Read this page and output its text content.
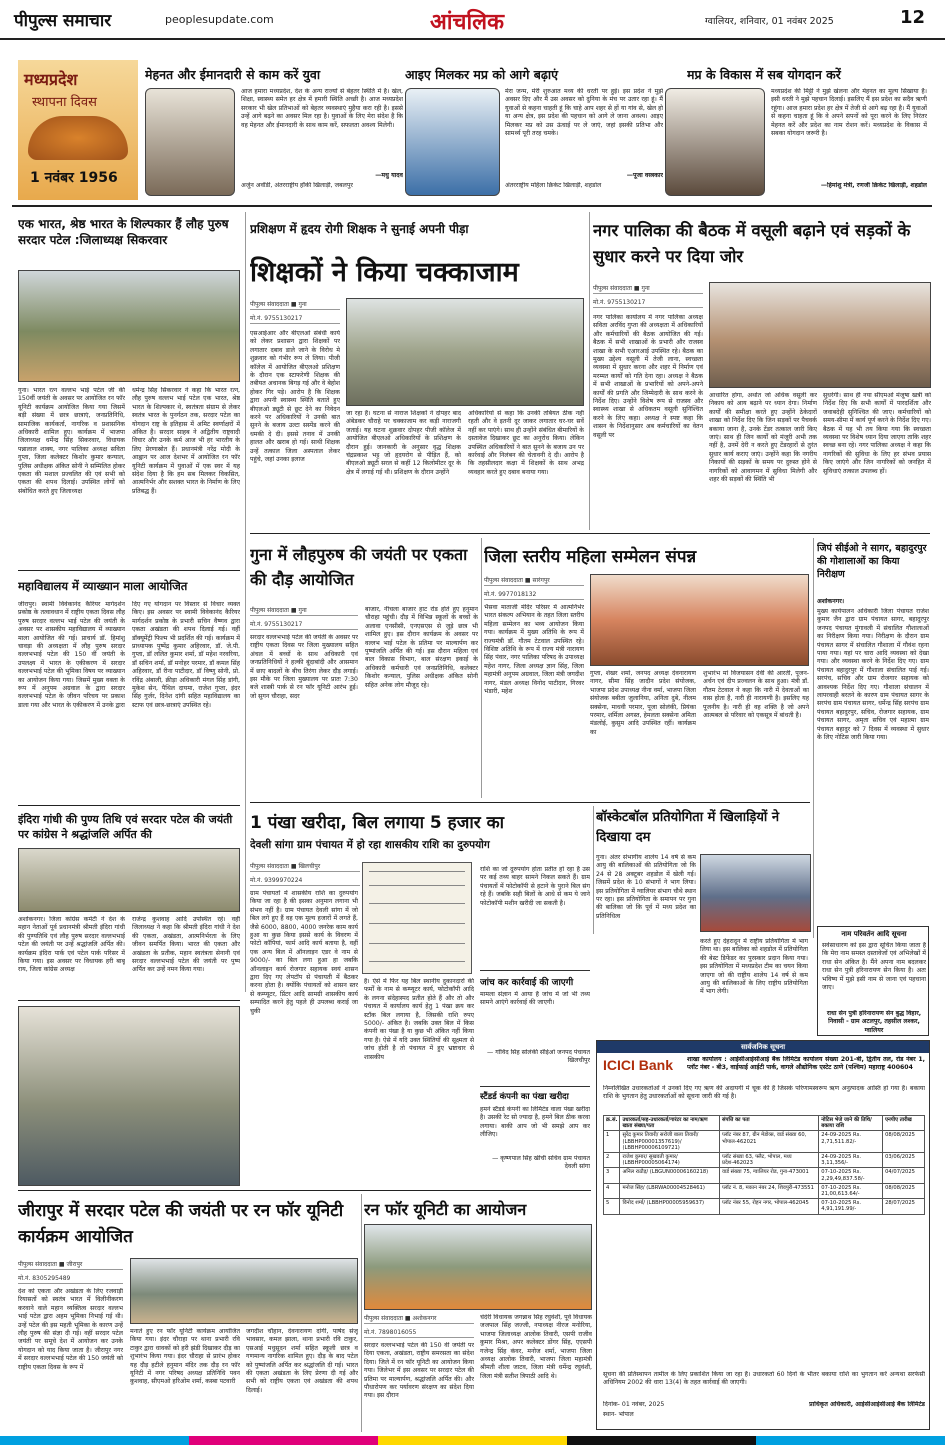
पीपुल्स समाचार	peoplesupdate.com	आंचलिक	ग्वालियर, शनिवार, 01 नवंबर 2025	12
मध्यप्रदेश
स्थापना दिवस
1 नवंबर 1956
मेहनत और ईमानदारी से काम करें युवा
आज हमारा मध्यप्रदेश, देश के अन्य राज्यों से बेहतर स्थिति में है। खेल, शिक्षा, स्वास्थ्य समेत हर क्षेत्र में हमारी स्थिति अच्छी है। आज मध्यप्रदेश सरकार भी खेल प्रतिभाओं को बेहतर व्यवस्थाएं मुहैया करा रही है। इससे उन्हें आगे बढ़ने का अवसर मिल रहा है। युवाओं के लिए मेरा संदेश है कि वह मेहनत और ईमानदारी के साथ काम करें, सफलता अवश्य मिलेगी।
—मधु यादव
अर्जुन अवॉर्डी, अंतरराष्ट्रीय हॉकी खिलाड़ी, जबलपुर
आइए मिलकर मप्र को आगे बढ़ाएं
मेरा जन्म, मेरी शुरुआत मध्य की धरती पर हुई। इस प्रदेश ने मुझे अवसर दिए और मैं उस अवसर को दुनिया के मंच पर उतार रहा हूं। मैं युवाओं से कहना चाहती हूं कि चाहे आप शहर से हों या गांव से, खेल हो या अन्य क्षेत्र, इस प्रदेश की पहचान को आगे ले जाना अवश्य। आइए मिलकर मप्र को उस ऊंचाई पर ले जाएं, जहां इसकी प्रतिभा और सामर्थ्य पूरी तरह चमके।
—पूजा वस्त्रकार
अंतरराष्ट्रीय महिला क्रिकेट खिलाड़ी, शहडोल
मप्र के विकास में सब योगदान करें
मध्यप्रदेश की मिट्टी ने मुझे खेलना और मेहनत का मूल्य सिखाया है। इसी धरती ने मुझे पहचान दिलाई। इसलिए मैं इस प्रदेश का सदैव ऋणी रहूंगा। आज हमारा प्रदेश हर क्षेत्र में तेजी से आगे बढ़ रहा है। मैं युवाओं से कहना चाहता हूं कि वे अपने सपनों को पूरा करने के लिए निरंतर मेहनत करें और प्रदेश का नाम रोशन करें। मध्यप्रदेश के विकास में सबका योगदान जरूरी है।
—हिमांशु मंत्री, रणजी क्रिकेट खिलाड़ी, शहडोल
एक भारत, श्रेष्ठ भारत के शिल्पकार हैं लौह पुरुष सरदार पटेल :जिलाध्यक्ष सिकरवार
गुना। भारत रत्न वल्लभ भाई पटेल जी की 150वीं जयंती के अवसर पर आयोजित रन फॉर यूनिटी कार्यक्रम आयोजित किया गया जिसमें बड़ी संख्या में छात्र छात्राएं, जनप्रतिनिधि, सामाजिक कार्यकर्ता, नागरिक व प्रशासनिक अधिकारी शामिल हुए। कार्यक्रम में भाजपा जिलाध्यक्ष धर्मेन्द्र सिंह सिकरवार, विधायक पन्नालाल शाक्य, नगर पालिका अध्यक्ष सविता गुप्ता, जिला कलेक्टर किशोर कुमार कन्याल, पुलिस अधीक्षक अंकित सोनी ने सम्मिलित होकर एकता की मशाल प्रज्वलित की एवं सभी को एकता की शपथ दिलाई। उपस्थित लोगों को संबोधित करते हुए जिलाध्यक्ष
धर्मेन्द्र सिंह सिकरवार ने कहा कि भारत रत्न, लौह पुरुष वल्लभ भाई पटेल एक भारत, श्रेष्ठ भारत के शिल्पकार थे, स्वतंत्रता संग्राम से लेकर स्वतंत्र भारत के पुनर्गठन तक, सरदार पटेल का योगदान राष्ट्र के इतिहास में अमिट स्वर्णाक्षरों में अंकित है। सरदार साहब ने अद्वितीय राष्ट्रवादी विचार और उनके कर्म आज भी हर भारतीय के लिए प्रेरणास्रोत हैं। प्रधानमंत्री नरेंद्र मोदी के आह्वान पर आज देशभर में आयोजित रन फॉर यूनिटी कार्यक्रम में युवाओं में एक स्वर में यह संदेश दिया है कि हम सब मिलकर विकसित, आत्मनिर्भर और सशक्त भारत के निर्माण के लिए प्रतिबद्ध हैं।
महाविद्यालय में व्याख्यान माला आयोजित
जीरापुर। स्वामी विवेकानंद कैरियर मार्गदर्शन प्रकोष्ठ के तत्वावधान में राष्ट्रीय एकता दिवस लौह पुरुष सरदार वल्लभ भाई पटेल की जयंती के अवसर पर शासकीय महाविद्यालय में व्याख्यान माला आयोजित की गई। प्राचार्य डॉ. हिमांशु चावड़ा की अध्यक्षता में लौह पुरुष सरदार वल्लभभाई पटेल की 150 वीं जयंती के उपलक्ष्य में भारत के एकीकरण में सरदार वल्लभभाई पटेल की भूमिका विषय पर व्याख्यान का आयोजन किया गया। जिसमें मुख्य वक्ता के रूप में अनुपम अग्रवाल के द्वारा सरदार वल्लभभाई पटेल के जीवन परिचय पर प्रकाश डाला गया और भारत के एकीकरण में उनके द्वारा
दिए गए योगदान पर विस्तार से विचार व्यक्त किए। इस अवसर पर स्वामी विवेकानंद कैरियर मार्गदर्शन प्रकोष्ठ के प्रभारी सचिन वैष्णव द्वारा एकता अखंडता की शपथ दिलाई गई। वहीं डॉक्यूमेंट्री फिल्म भी प्रदर्शित की गई। कार्यक्रम में प्राध्यापक पुष्पेंद्र कुमार अहिरवार, डॉ. जे.पी. गुप्ता, डॉ ललित कुमार शर्मा, डॉ महेश नरवरिया, डॉ सचिन शर्मा, डॉ मनोहर परमार, डॉ कमल सिंह अहिरवार, डॉ रीना पाटीदार, डॉ विष्णु सोनी, प्रो. रविंद्र अंबाली, क्रीड़ा अधिकारी मंगल सिंह डांगी, मुकेश सेन, पैथिल दायमा, राजेश गुप्ता, इंदर सिंह गुर्जर, दिनेश दांगी सहित महाविद्यालय का स्टाफ एवं छात्र-छात्राएं उपस्थित रहे।
इंदिरा गांधी की पुण्य तिथि एवं सरदार पटेल की जयंती पर कांग्रेस ने श्रद्धांजलि अर्पित की
अशोकनगर। जिला कांग्रेस कमेटी ने देश के महान नेताओं पूर्व प्रधानमंत्री श्रीमती इंदिरा गांधी की पुण्यतिथि एवं लौह पुरुष सरदार वल्लभभाई पटेल की जयंती पर उन्हें श्रद्धांजलि अर्पित की। कार्यक्रम इंदिरा पार्क एवं पटेल पार्क परिसर में किया गया। इस अवसर पर विधायक हरी बाबू राय, जिला कांग्रेस अध्यक्ष
राजेन्द्र कुशवाह आदि उपस्थित रहे। वहीं जिलाध्यक्ष ने कहा कि श्रीमती इंदिरा गांधी ने देश की एकता, अखंडता, आत्मनिर्भरता के लिए जीवन समर्पित किया। भारत की एकता और अखंडता के प्रतीक, महान स्वतंत्रता सेनानी एवं सरदार वल्लभभाई पटेल की जयंती पर पुष्प अर्पित कर उन्हें नमन किया गया।
प्रशिक्षण में हृदय रोगी शिक्षक ने सुनाई अपनी पीड़ा
शिक्षकों ने किया चक्काजाम
पीपुल्स संवाददाता ■ गुना
मो.नं. 9755130217
एसआईआर और बीएलओ संबंधी कार्य को लेकर प्रशासन द्वारा शिक्षकों पर लगातार दबाव डाले जाने के विरोध मे शुक्रवार को गंभीर रूप ले लिया। पीजी कॉलेज में आयोजित बीएलओ प्रशिक्षण के दौरान एक स्टाफरेणी शिक्षक की तबीयत अचानक बिगड़ गई और वे बेहोश होकर गिर पड़े। आरोप है कि शिक्षक द्वारा अपनी स्वास्थ्य स्थिति बताते हुए बीएलओ ड्यूटी से छूट देने का निवेदन करने पर अधिकारियों ने उनकी बात सुनने के बजाय उल्टा सस्पेंड करने की धमकी दे दी। इससे तनाव में उनकी हालत और खराब हो गई। साथी शिक्षक उन्हें तत्काल जिला अस्पताल लेकर पहुंचे, जहां उनका इलाज
जा रहा है। घटना से नाराज शिक्षकों ने दोपहर बाद अंबेडकर चौराहे पर चक्काजाम कर कड़ी नाराजगी जताई। यह घटना शुक्रवार दोपहर पीजी कॉलेज में आयोजित बीएलओ अधिकारियों के प्रशिक्षण के दौरान हुई। जानकारी के अनुसार वृद्ध शिक्षक चंद्रप्रकाश भट्ट जो हृदयरोग से पीड़ित हैं, को बीएलओ ड्यूटी सरल से कहीं 12 किलोमीटर दूर के क्षेत्र में लगाई गई थी। प्रशिक्षण के दौरान उन्होंने
अधिकारियों से कहा कि उनकी तबियत ठीक नहीं रहती और वे इतनी दूर जाकर लगातार घर-घर सर्वे नहीं कर पाएंगे। साथ ही उन्होंने संबंधित बीमारियों के दस्तावेज दिखाकर छूट का अनुरोध किया। लेकिन उपस्थित अधिकारियों ने बात सुनने के बजाय उन पर कार्रवाई और निलंबन की चेतावनी दे दी। आरोप है कि तहसीलदार कक्षा में शिक्षकों के साथ अभद्र व्यवहार करते हुए दबाव बनाया गया।
नगर पालिका की बैठक में वसूली बढ़ाने एवं सड़कों के सुधार करने पर दिया जोर
पीपुल्स संवाददाता ■ गुना
मो.नं. 9755130217
नगर पालिका कार्यालय में नगर पालिका अध्यक्ष सविता अरविंद गुप्ता की अध्यक्षता में अधिकारियों और कर्मचारियों की बैठक आयोजित की गई। बैठक में सभी शाखाओं के प्रभारी और राजस्व शाखा के सभी एआरआई उपस्थित रहे। बैठक का मुख्य उद्देश्य वसूली में तेजी लाना, स्वच्छता व्यवस्था में सुधार करना और शहर में निर्माण एवं मरम्मत कार्यों को गति देना रहा। अध्यक्ष ने बैठक में सभी शाखाओं के प्रभारियों को अपने-अपने कार्यों की प्रगति और जिम्मेदारी के साथ करने के निर्देश दिए। उन्होंने विशेष रूप से राजस्व और स्वास्थ्य शाखा से अधिकतम वसूली सुनिश्चित करने के लिए कहा। अध्यक्ष ने स्पष्ट कहा कि शासन के निर्देशानुसार अब कर्मचारियों का वेतन वसूली पर
आधारित होगा, अर्थात जो अधिक वसूली कर निकाय को आय बढ़ाने पर ध्यान देगा। निर्माण कार्यों की समीक्षा करते हुए उन्होंने ठेकेदारों शाखा को निर्देश दिए कि जिन सड़कों पर पैचवर्क बकाया जाना है, उनके टेंडर तत्काल जारी किए जाएं। साथ ही जिन कार्यों को मंजूरी अभी तक नहीं है, उनमें देरी न करते हुए टेंडरहारों से तुरंत सुधार कार्य कराए जाएं। उन्होंने कहा कि नगरीय निकायों की सड़कों के समय पर दुरुस्त होने से नागरिकों को आवागमन में सुविधा मिलेगी और शहर की सड़कों की स्थिति भी
सुधरेगी। साथ ही नया सीएमओ मंजूषा खत्री को निर्देश दिए कि सभी कार्यों में पारदर्शिता और जवाबदेही सुनिश्चित की जाए। कर्मचारियों को समय-सीमा में कार्य पूर्ण करने के निर्देश दिए गए। बैठक में यह भी तय किया गया कि स्वच्छता व्यवस्था पर विशेष ध्यान दिया जाएगा ताकि शहर स्वच्छ बना रहे। नगर पालिका अध्यक्ष ने कहा कि नागरिकों की सुविधा के लिए हर संभव प्रयास किए जाएंगे और जिन नागरिकों को जनहित में सुविधाएं तत्काल उपलब्ध हों।
गुना में लौहपुरुष की जयंती पर एकता की दौड़ आयोजित
पीपुल्स संवाददाता ■ गुना
मो.नं. 9755130217
सरदार वल्लभभाई पटेल की जयंती के अवसर पर राष्ट्रीय एकता दिवस पर जिला मुख्यालय सहित अंचल में बच्चों के साथ अधिकारी एवं जनप्रतिनिधियों ने हल्की बूंदाबांदी और आसमान में छाए बादलों के बीच तिरंगा लेकर दौड़ लगाई। इस मौके पर जिला मुख्यालय पर प्रातः 7:30 बजे शास्त्री पार्क से रन फॉर यूनिटी आरंभ हुई। जो सुगन चौराहा, सदर
बाजार, नीचला बाजार हाट रोड होते हुए हनुमान चौराहा पहुंची। दौड़ में विभिन्न स्कूलों के बच्चों के अलावा एनसीसी, एनएसएस से जुड़े छात्र भी शामिल हुए। इस दौरान कार्यक्रम के अवसर पर वल्लभ भाई पटेल के प्रतिमा पर माल्यार्पण कर पुष्पांजलि अर्पित की गई। इस दौरान महिला एवं बाल विकास विभाग, बाल संरक्षण इकाई के अधिकारी कर्मचारी एवं जनप्रतिनिधि, कलेक्टर किशोर कन्याल, पुलिस अधीक्षक अंकित सोनी सहित अनेक लोग मौजूद रहे।
जिला स्तरीय महिला सम्मेलन संपन्न
पीपुल्स संवाददाता ■ सारंगपुर
मो.नं. 9977018132
भैसवा माताजी मंदिर परिसर में आत्मनिर्भर भारत संकल्प अभियान के तहत जिला स्तरीय महिला सम्मेलन का भव्य आयोजन किया गया। कार्यक्रम में मुख्य अतिथि के रूप में राज्यमंत्री डॉ. गौतम टेटवाल उपस्थित रहे। विशिष्ट अतिथि के रूप में राज्य मंत्री नारायण सिंह पंवार, नगर पालिका परिषद के उपाध्यक्ष महेश नागर, जिला अध्यक्ष ज्ञान सिंह, जिला महामंत्री अनुपम अग्रवाल, जिला मंत्री जगदीश नागर, मंडल अध्यक्ष विनोद पाटीदार, गिरवर भंडारी, महेश
गुप्ता, शेखर शर्मा, जनपद अध्यक्ष देवनारायण नागर, सीमा सिंह जादौन प्रदेश संयोजक, भाजपा प्रदेश उपाध्यक्ष नीना वर्मा, भाजपा जिला संयोजक बबीता जुलानिया, अनिता दुबे, नीलम सक्सेना, माधवी परमार, पूजा सोलंकी, प्रियंका परमार, शर्मिला अगस्त, हेमलता सक्सेना अमिता मंडलोई, कुसुम आदि उपस्थित रहीं। कार्यक्रम का
शुभारंभ मां विजयासन देवी की आरती, पूजन-अर्चन एवं दीप प्रज्वलन के साथ हुआ। मंत्री डॉ. गौतम टेटवाल ने कहा कि नारी में देवताओं का वास होता है, नारी ही नारायणी है। इसलिए यह पूजनीय है। नारी ही वह शक्ति है जो अपने आत्मबल से परिवार को एकसूत्र में बांधती है।
जिपं सीईओ ने सागर, बहादुरपुर की गोशालाओं का किया निरीक्षण
अशोकनगर।
मुख्य कार्यपालन अधिकारी जिला पंचायत राजेश कुमार जैन द्वारा ग्राम पंचायत सागर, बहादुरपुर जनपद पंचायत मुंगावली में संचालित गौशालाओं का निरीक्षण किया गया। निरीक्षण के दौरान ग्राम पंचायत सागर में संचालित गौशाला में गौवंश रहना पाया गया। यहां पर चारा आदि व्यवस्था को देखा गया। और व्यवस्था करने के निर्देश दिए गए। ग्राम पंचायत बहादुरपुर में गौशाला संचालित पाई गई। सरपंच, सचिव और ग्राम रोजगार सहायक को आवश्यक निर्देश दिए गए। गौशाला संचालन में लापरवाही बरतने के कारण ग्राम पंचायत सागर के सरपंच ग्राम पंचायत सागर, धर्मेन्द्र सिंह सरपंच ग्राम पंचायत बहादुरपुर, सचिव, रोजगार सहायक, ग्राम पंचायत सागर, अमृता सचिव एवं महात्मा ग्राम पंचायत बहादुर को 7 दिवस में व्यवस्था में सुधार के लिए नोटिस जारी किया गया।
1 पंखा खरीदा, बिल लगाया 5 हजार का
देवली सांगा ग्राम पंचायत में हो रहा शासकीय राशि का दुरुपयोग
पीपुल्स संवाददाता ■ खिलचीपुर
मो.नं. 9399970224
ग्राम पंचायतों में शासकीय राशि का दुरुपयोग किया जा रहा है की इसका अनुमान लगाना भी संभव नहीं है। ग्राम पंचायत देवली सांगा में जो बिल लगे हुए हैं वह एक मूल्य हजारों में लगते हैं, जैसे 6000, 8800, 4000 जनरेक काम कार्य हुआ या कुछ किया इससे कार्य के विवरण में फोटो कॉपियां, फार्म आदि कार्य बताया है, वहीं एक अन्य बिल में ऑनलाइन एडर वे नाम से 9000/- का बिल लगा हुआ हा जबकि ऑनलाइन कार्य रोजगार सहायक स्वयं शासन द्वारा दिए गए लेपटॉप से पंचायती में बैठकर करना होता है। क्योंकि पंचायतों को शासन स्तर से कम्प्यूटर, प्रिंटर आदि सामग्री शासकीय कार्य सम्पादित करने हेतु पहले ही उपलब्ध कराई जा चुकी
है। ऐसे में फिर यह बिल स्थानीय दुकानदारों की फर्मों के नाम से कम्प्यूटर कार्य, फोटोकॉपी आदि के लगना संदेहास्पद प्रतीत होते हैं और तो और पंचायत में कार्यालय कार्य हेतु 1 पंखा क्रय कर स्टॉक बिल लगाया है, जिसकी राशि रुपए 5000/- अंकित है। जबकि उक्त बिल में किस कंपनी का पंखा है या कुछ भी अंकित नहीं किया गया है। ऐसे में यदि उक्त स्थितियों की सूक्ष्मता से जांच होती है तो पंचायत में हुए भ्रष्टाचार से शासकीय
राशि का जो दुरुपयोग होता प्रतीत हो रहा है उस पर कई तथ्य बाहर सामने निकल सकते हैं। ग्राम पंचायतों में फोटोकॉपी से हटाने के पुराने बिल संग रहे हैं। जबकि सही बिलों के आधे से कम ये जाने फोटोकॉपी मशीन खरीदी जा सकती है।
जांच कर कार्रवाई की जाएगी
मामला संज्ञान में आया है जांच में जो भी तथ्य सामने आएंगे कार्रवाई की जाएगी।
— गोविंद सिंह सोलंकी सीईओ जनपद पंचायत खिलचीपुर
स्टैंडर्ड कंपनी का पंखा खरीदा
हमने स्टैंडर्ड कंपनी का लिमिटेड वाला पंखा खरीदा है। उसकी रेट सो ज्यादा है, हमने बिल ठीक करवा लगाया। बाकी आप जो भी समझे आप कर लीजिए।
— कृष्णपाल सिंह खींची सचिव ग्राम पंचायत देवली सांगा
बॉस्केटबॉल प्रतियोगिता में खिलाड़ियों ने दिखाया दम
गुना। अंतर संभागीय शालेय 14 वर्ष से कम आयु की बालिकाओं की प्रतियोगिता जो कि 24 से 28 अक्टूबर शहडोल में खेली गई। जिसमें प्रदेश के 10 संभागों ने भाग लिया। इस प्रतियोगिता में ग्वालियर संभाग चौथे स्थान पर रहा। इस प्रतियोगिता के समापन पर गुना की बालिका जो कि पूर्व में मध्य प्रदेश का प्रतिनिधित्व
करते हुए देहरादून में राष्ट्रीय प्रतियोगिता में भाग लिया था। इस बालिका को शहडोल में प्रतियोगिता की बेस्ट डिफेंडर का पुरस्कार प्रदान किया गया। इस प्रतियोगिता में मध्यप्रदेश टीम का चयन किया जाएगा जो की राष्ट्रीय शालेय 14 वर्ष से कम आयु की बालिकाओं के लिए राष्ट्रीय प्रतियोगिता में भाग लेगी।
नाम परिवर्तन आदि सूचना
सर्वसाधारण को इस द्वारा सूचित किया जाता है कि मेरा नाम समस्त दस्तावेजों एवं अभिलेखों में राधा सेन अंकित है। मैंने अपना नाम बदलकर राधा सेन पुत्री हरिनारायण सेन किया है। अतः भविष्य में मुझे इसी नाम से जाना एवं पहचाना जाए।
राधा सेन पुत्री हरिनारायण सेन बुद्ध विहार, निवासी - ग्राम अटलपुर, तहसील लश्कर, ग्वालियर
सार्वजनिक सूचना
ICICI Bank शाखा कार्यालय : आईसीआईसीआई बैंक लिमिटेड कार्यालय संख्या 201-बी, द्वितीय तल, रोड नंबर 1, प्लॉट नंबर - बी3, वाईफाई आईटी पार्क, वागले औद्योगिक एस्टेट ठाणे (पश्चिम) महाराष्ट्र 400604
निम्नलिखित उधारकर्ताओं ने उनको दिए गए ऋण की अदायगी में चूक की है जिसके परिणामस्वरूप ऋण अनुत्पादक आस्ति हो गया है। बकाया राशि के भुगतान हेतु उधारकर्ताओं को सूचना जारी की गई है।
क्र.सं.	उधारकर्ता/सह-उधारकर्ता/गारंटर का नाम/ऋण खाता संख्या/पता	संपत्ति का पता	नोटिस भेजे जाने की तिथि/बकाया राशि	एनपीए तारीख
1	सुरेंद्र कुमार तिवारी/ सरोजी बाला तिवारी/ (LBBHP00001357619)/ (LBBHP00006109721)	प्लॉट नंबर 87, ग्रीन मेडोव्स, वार्ड संख्या 60, भोपाल-462021	24-09-2025 Rs. 2,71,511.82/-	08/08/2025
2	राजेश कुमार/ सुखवती कुमार/ (LBBHP00005064174)	प्लॉट संख्या 63, फ्लैट, भोपाल, मध्य प्रदेश-462023	24-09-2025 Rs. 3,11,356/-	03/06/2025
3	अनिल राठौड़/ (LBGUN00006160218)	वार्ड संख्या 75, ग्वालियर रोड, गुना-473001	07-10-2025 Rs. 2,29,49,837.58/-	04/07/2025
4	मनोज सिंह/ (LBRWA00004528461)	प्लॉट नं. 8, मकान नंबर 24, शिवपुरी-473551	07-10-2025 Rs. 21,00,613.64/-	08/08/2025
5	विनोद शर्मा/ (LBBHP00005959637)	प्लॉट नंबर 55, रोहन नगर, भोपाल-462045	07-10-2025 Rs. 4,91,191.99/-	28/07/2025
सूचना की प्रतिस्थापन तामील के लिए प्रकाशित किया जा रहा है। उधारकर्ता 60 दिनों के भीतर बकाया राशि का भुगतान करें अन्यथा सरफेसी अधिनियम 2002 की धारा 13(4) के तहत कार्रवाई की जाएगी।
दिनांक- 01 नवंबर, 2025
स्थान- भोपाल
प्राधिकृत अधिकारी, आईसीआईसीआई बैंक लिमिटेड
जीरापुर में सरदार पटेल की जयंती पर रन फॉर यूनिटी कार्यक्रम आयोजित
पीपुल्स संवाददाता ■ जीरापुर
मो.नं. 8305295489
देश को एकता और अखंडता के लिए रजवाड़ी रियासतों को स्वतंत्र भारत में विलीनीकरण करवाने वाले महान व्यक्तित्व सरदार वल्लभ भाई पटेल द्वारा अहम भूमिका निभाई गई थी। उन्हें पटेल की इस महती भूमिका के कारण उन्हें लौह पुरुष की संज्ञा दी गई। वहीं सरदार पटेल जयंती पर समूचे देश में आयोजन कर उनके योगदान को याद किया जाता है। जीरापुर नगर में सरदार वल्लभभाई पटेल की 150 जयंती को राष्ट्रीय एकता दिवस के रूप में
मनाते हुए रन फॉर यूनिटी कार्यक्रम आयोजित किया गया। इंदर चौराहा पर थाना प्रभारी रवि टाकुर द्वारा धावकों को हरी झंडी दिखाकर दौड़ का शुभारंभ किया गया। इंदर चौराहा से प्रारंभ होकर यह दौड़ हटीले हनुमान मंदिर तक दौड़ रन फॉर यूनिटी में नगर परिषद अध्यक्ष प्रतिनिधि पवन कुशवाह, सीएमओ हरिओम शर्मा, कस्बा पटवारी
जगदीश चौहान, देवनारायण दांगी, पार्षद संजू भावसार, कमल झाला, थाना प्रभारी रवि टाकुर, एसआई मधुसूदन शर्मा सहित स्कूली छात्र व गणमान्य नागरिक शामिल हुए। दौड़ के बाद पटेल को पुष्पांजलि अर्पित कर श्रद्धांजलि दी गई। भारत की एकता अखंडता के लिए प्रेरणा दी गई और सभी को राष्ट्रीय एकता एवं अखंडता की शपथ दिलाई।
रन फॉर यूनिटी का आयोजन
पीपुल्स संवाददाता ■ अशोकनगर
मो.नं. 7898016055
सरदार वल्लभभाई पटेल की 150 वीं जयंती पर दिया एकता, अखंडता, राष्ट्रीय समरसता का संदेश दिया। जिले में रन फॉर यूनिटी का आयोजन किया गया। जिलेभर में इस अवसर पर सरदार पटेल की प्रतिमा पर माल्यार्पण, श्रद्धांजलि अर्पित की। और पौधारोपण कर पर्यावरण संरक्षण का संदेश दिया गया। इस दौरान
चंदेरी विधायक जगन्नाथ सिंह रघुवंशी, पूर्व विधायक जजपाल सिंह जज्जी, नपाध्यक्ष नीरज मनोरिया, भाजपा जिलाध्यक्ष आलोक तिवारी, एसपी राजीव कुमार मिश्रा, अपर कलेक्टर डोंगर सिंह, एएसपी गजेन्द्र सिंह कंवर, मनोज शर्मा, भाजपा जिला अध्यक्ष आलोक तिवारी, भाजपा जिला महामंत्री श्रीमती शीला जाटव, जिला मंत्री धर्मेन्द्र रघुवंशी, जिला मंत्री सतीश त्रिपाठी आदि थे।
